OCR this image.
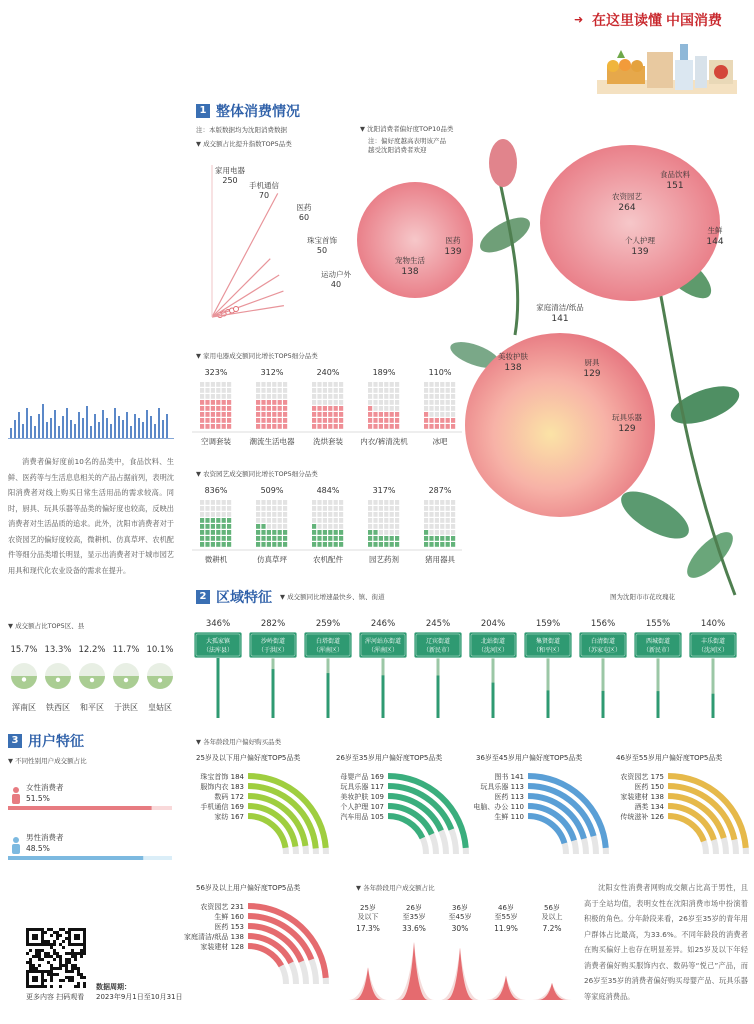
➜ 在这里读懂 中国消费
1 整体消费情况
注：本版数据均为沈阳消费数据
▼ 成交额占比提升指数TOP5品类
家用电器
250
手机通信
70
医药
60
珠宝首饰
50
运动户外
40
▼ 沈阳消费者偏好度TOP10品类
注：偏好度越高表明该产品
越受沈阳消费者欢迎
食品饮料
151
农资园艺
264
生鲜
144
个人护理
139
宠物生活
138
医药
139
家庭清洁/纸品
141
美妆护肤
138
厨具
129
玩具乐器
129
图为沈阳市市花玫瑰花
消费者偏好度前10名的品类中，食品饮料、生鲜、医药等与生活息息相关的产品占据前列，表明沈阳消费者对线上购买日常生活用品的需求较高。同时，厨具、玩具乐器等品类的偏好度也较高，反映出消费者对生活品质的追求。此外，沈阳市消费者对于农资园艺的偏好度较高，微耕机、仿真草坪、农机配件等细分品类增长明显，显示出消费者对于城市园艺用具和现代化农业设备的需求在提升。
▼ 家用电器成交额同比增长TOP5细分品类
323%
空调套装
312%
潮流生活电器
240%
洗烘套装
189%
内衣/裤清洗机
110%
冰吧
▼ 农资园艺成交额同比增长TOP5细分品类
836%
微耕机
509%
仿真草坪
484%
农机配件
317%
园艺药剂
287%
猪用器具
▼ 成交额占比TOP5区、县
15.7%
浑南区
13.3%
铁西区
12.2%
和平区
11.7%
于洪区
10.1%
皇姑区
2 区域特征 ▼ 成交额同比增速最快乡、镇、街道
346%
大孤家镇
（法库县）
282%
沙岭街道
（于洪区）
259%
白塔街道
（浑南区）
246%
浑河站东街道
（浑南区）
245%
辽宾街道
（新民市）
204%
北站街道
（沈河区）
159%
集贤街道
（和平区）
156%
白清街道
（苏家屯区）
155%
西城街道
（新民市）
140%
丰乐街道
（沈河区）
3 用户特征
▼ 不同性别用户成交额占比
女性消费者
51.5%
男性消费者
48.5%
▼ 各年龄段用户偏好购买品类
25岁及以下用户偏好度TOP5品类
珠宝首饰 184
服饰内衣 183
数码 172
手机通信 169
家纺 167
26岁至35岁用户偏好度TOP5品类
母婴产品 169
玩具乐器 117
美妆护肤 109
个人护理 107
汽车用品 105
36岁至45岁用户偏好度TOP5品类
图书 141
玩具乐器 113
医药 113
电脑、办公 110
生鲜 110
46岁至55岁用户偏好度TOP5品类
农资园艺 175
医药 150
家装建材 138
酒类 134
传统滋补 126
56岁及以上用户偏好度TOP5品类
农资园艺 231
生鲜 160
医药 153
家庭清洁/纸品 138
家装建材 128
▼ 各年龄段用户成交额占比
25岁
及以下
17.3%
26岁
至35岁
33.6%
36岁
至45岁
30%
46岁
至55岁
11.9%
56岁
及以上
7.2%
沈阳女性消费者网购成交额占比高于男性，且高于全站均值，表明女性在沈阳消费市场中扮演着积极的角色。分年龄段来看，26岁至35岁的青年用户群体占比最高，为33.6%。不同年龄段的消费者在购买偏好上也存在明显差异。如25岁及以下年轻消费者偏好购买服饰内衣、数码等“悦己”产品，而26岁至35岁的消费者偏好购买母婴产品、玩具乐器等家庭消费品。
更多内容 扫码观看
数据周期：
2023年9月1日至10月31日
